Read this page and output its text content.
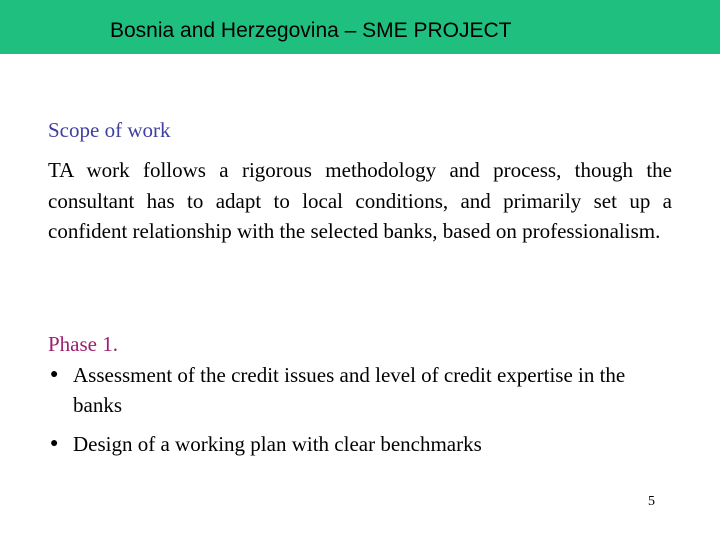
Bosnia and Herzegovina – SME PROJECT
Scope of work
TA work follows a rigorous methodology and process, though the consultant has to adapt to local conditions, and primarily set up a confident relationship with the selected banks, based on professionalism.
Phase 1.
● Assessment of the credit issues and level of credit expertise in the banks
● Design of a working plan with clear benchmarks
5
